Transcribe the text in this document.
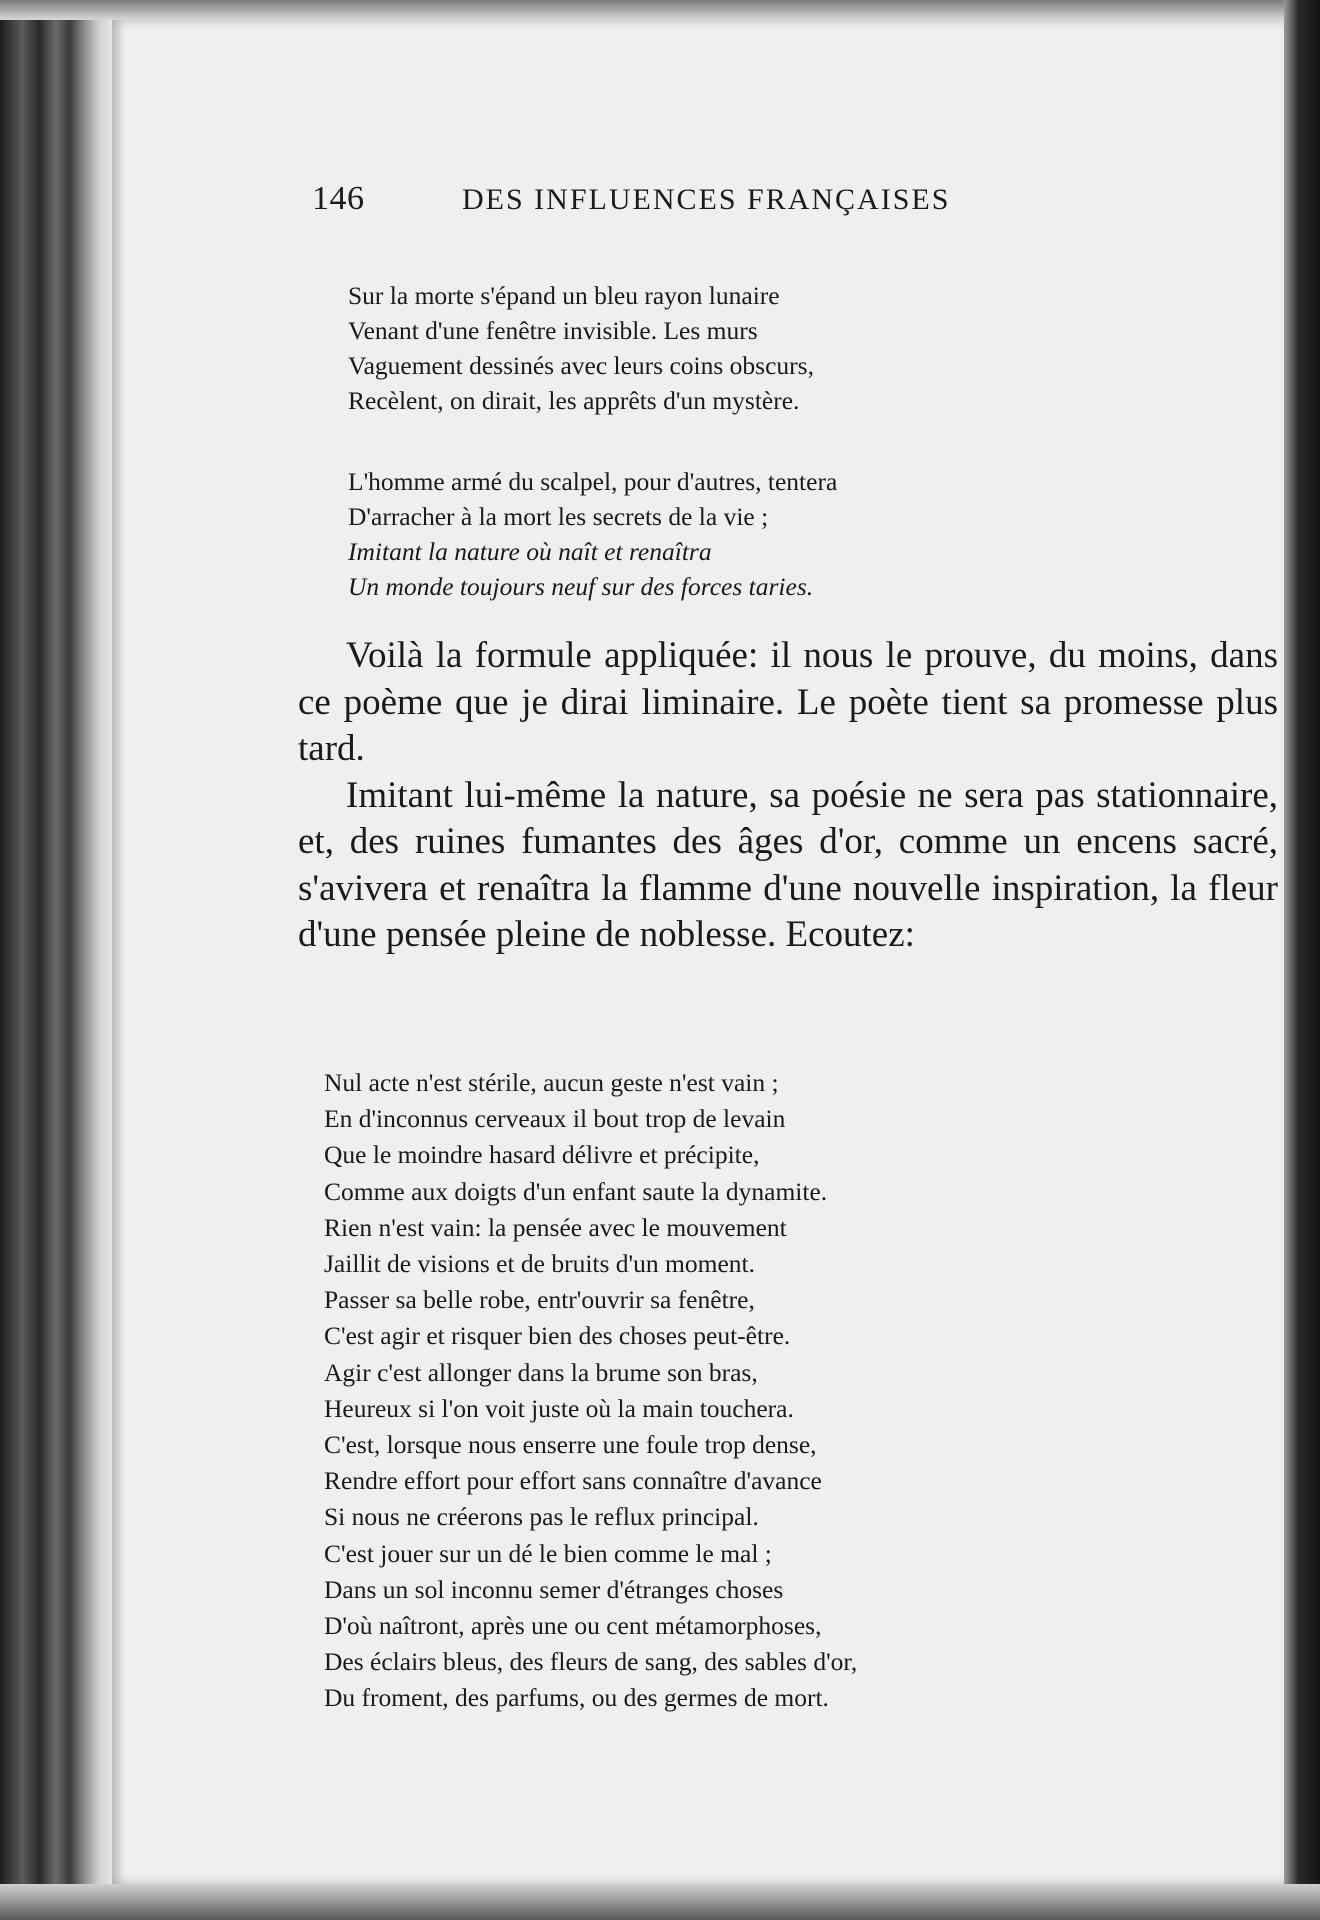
146	DES INFLUENCES FRANÇAISES
Sur la morte s'épand un bleu rayon lunaire
Venant d'une fenêtre invisible. Les murs
Vaguement dessinés avec leurs coins obscurs,
Recèlent, on dirait, les apprêts d'un mystère.
L'homme armé du scalpel, pour d'autres, tentera
D'arracher à la mort les secrets de la vie ;
Imitant la nature où naît et renaîtra
Un monde toujours neuf sur des forces taries.

Voilà la formule appliquée: il nous le prouve, du moins, dans ce poème que je dirai liminaire. Le poète tient sa promesse plus tard.

Imitant lui-même la nature, sa poésie ne sera pas stationnaire, et, des ruines fumantes des âges d'or, comme un encens sacré, s'avivera et renaîtra la flamme d'une nouvelle inspiration, la fleur d'une pensée pleine de noblesse. Ecoutez:

Nul acte n'est stérile, aucun geste n'est vain ;
En d'inconnus cerveaux il bout trop de levain
Que le moindre hasard délivre et précipite,
Comme aux doigts d'un enfant saute la dynamite.
Rien n'est vain: la pensée avec le mouvement
Jaillit de visions et de bruits d'un moment.
Passer sa belle robe, entr'ouvrir sa fenêtre,
C'est agir et risquer bien des choses peut-être.
Agir c'est allonger dans la brume son bras,
Heureux si l'on voit juste où la main touchera.
C'est, lorsque nous enserre une foule trop dense,
Rendre effort pour effort sans connaître d'avance
Si nous ne créerons pas le reflux principal.
C'est jouer sur un dé le bien comme le mal ;
Dans un sol inconnu semer d'étranges choses
D'où naîtront, après une ou cent métamorphoses,
Des éclairs bleus, des fleurs de sang, des sables d'or,
Du froment, des parfums, ou des germes de mort.
